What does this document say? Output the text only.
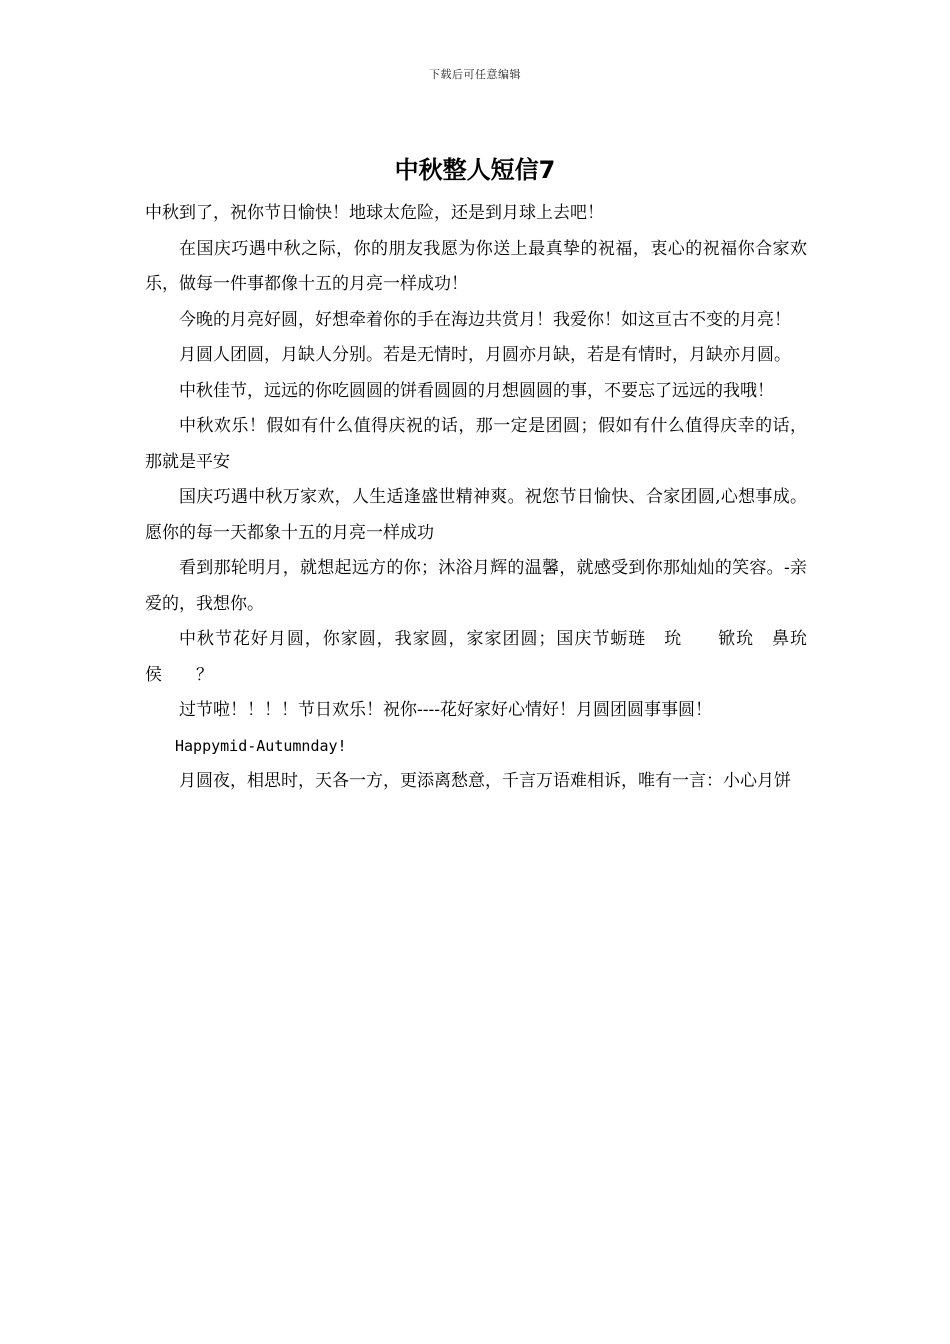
下载后可任意编辑
中秋整人短信7

中秋到了，祝你节日愉快！地球太危险，还是到月球上去吧！

在国庆巧遇中秋之际，你的朋友我愿为你送上最真挚的祝福，衷心的祝福你合家欢乐，做每一件事都像十五的月亮一样成功！

今晚的月亮好圆，好想牵着你的手在海边共赏月！我爱你！如这亘古不变的月亮！

月圆人团圆，月缺人分别。若是无情时，月圆亦月缺，若是有情时，月缺亦月圆。

中秋佳节，远远的你吃圆圆的饼看圆圆的月想圆圆的事，不要忘了远远的我哦！

中秋欢乐！假如有什么值得庆祝的话，那一定是团圆；假如有什么值得庆幸的话，那就是平安

国庆巧遇中秋万家欢，人生适逢盛世精神爽。祝您节日愉快、合家团圆,心想事成。愿你的每一天都象十五的月亮一样成功

看到那轮明月，就想起远方的你；沐浴月辉的温馨，就感受到你那灿灿的笑容。-亲爱的，我想你。

中秋节花好月圆，你家圆，我家圆，家家团圆；国庆节蛎琏　玧　　锨玧　鼻玧　侯　　？

过节啦！！！！节日欢乐！祝你----花好家好心情好！月圆团圆事事圆！

Happymid-Autumnday!

月圆夜，相思时，天各一方，更添离愁意，千言万语难相诉，唯有一言：小心月饼
